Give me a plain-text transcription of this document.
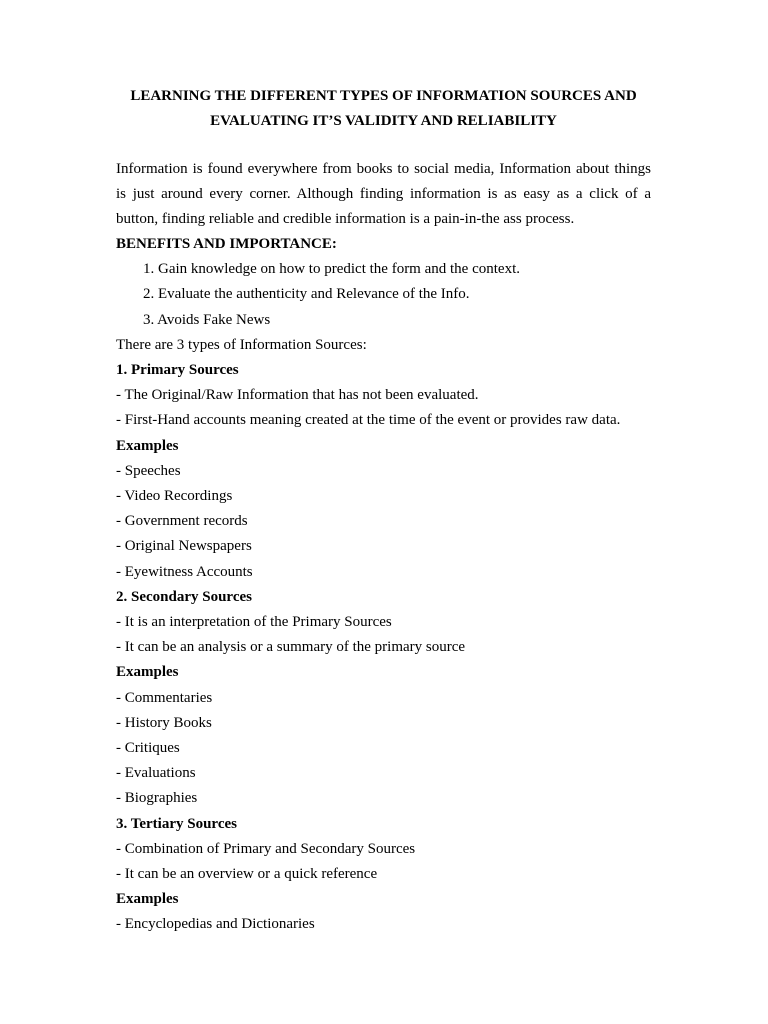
LEARNING THE DIFFERENT TYPES OF INFORMATION SOURCES AND
EVALUATING IT’S VALIDITY AND RELIABILITY

Information is found everywhere from books to social media, Information about things is just around every corner. Although finding information is as easy as a click of a button, finding reliable and credible information is a pain-in-the ass process.

BENEFITS AND IMPORTANCE:
1. Gain knowledge on how to predict the form and the context.
2. Evaluate the authenticity and Relevance of the Info.
3. Avoids Fake News
There are 3 types of Information Sources:
1. Primary Sources
- The Original/Raw Information that has not been evaluated.
- First-Hand accounts meaning created at the time of the event or provides raw data.
Examples
- Speeches
- Video Recordings
- Government records
- Original Newspapers
- Eyewitness Accounts
2. Secondary Sources
- It is an interpretation of the Primary Sources
- It can be an analysis or a summary of the primary source
Examples
- Commentaries
- History Books
- Critiques
- Evaluations
- Biographies
3. Tertiary Sources
- Combination of Primary and Secondary Sources
- It can be an overview or a quick reference
Examples
- Encyclopedias and Dictionaries
